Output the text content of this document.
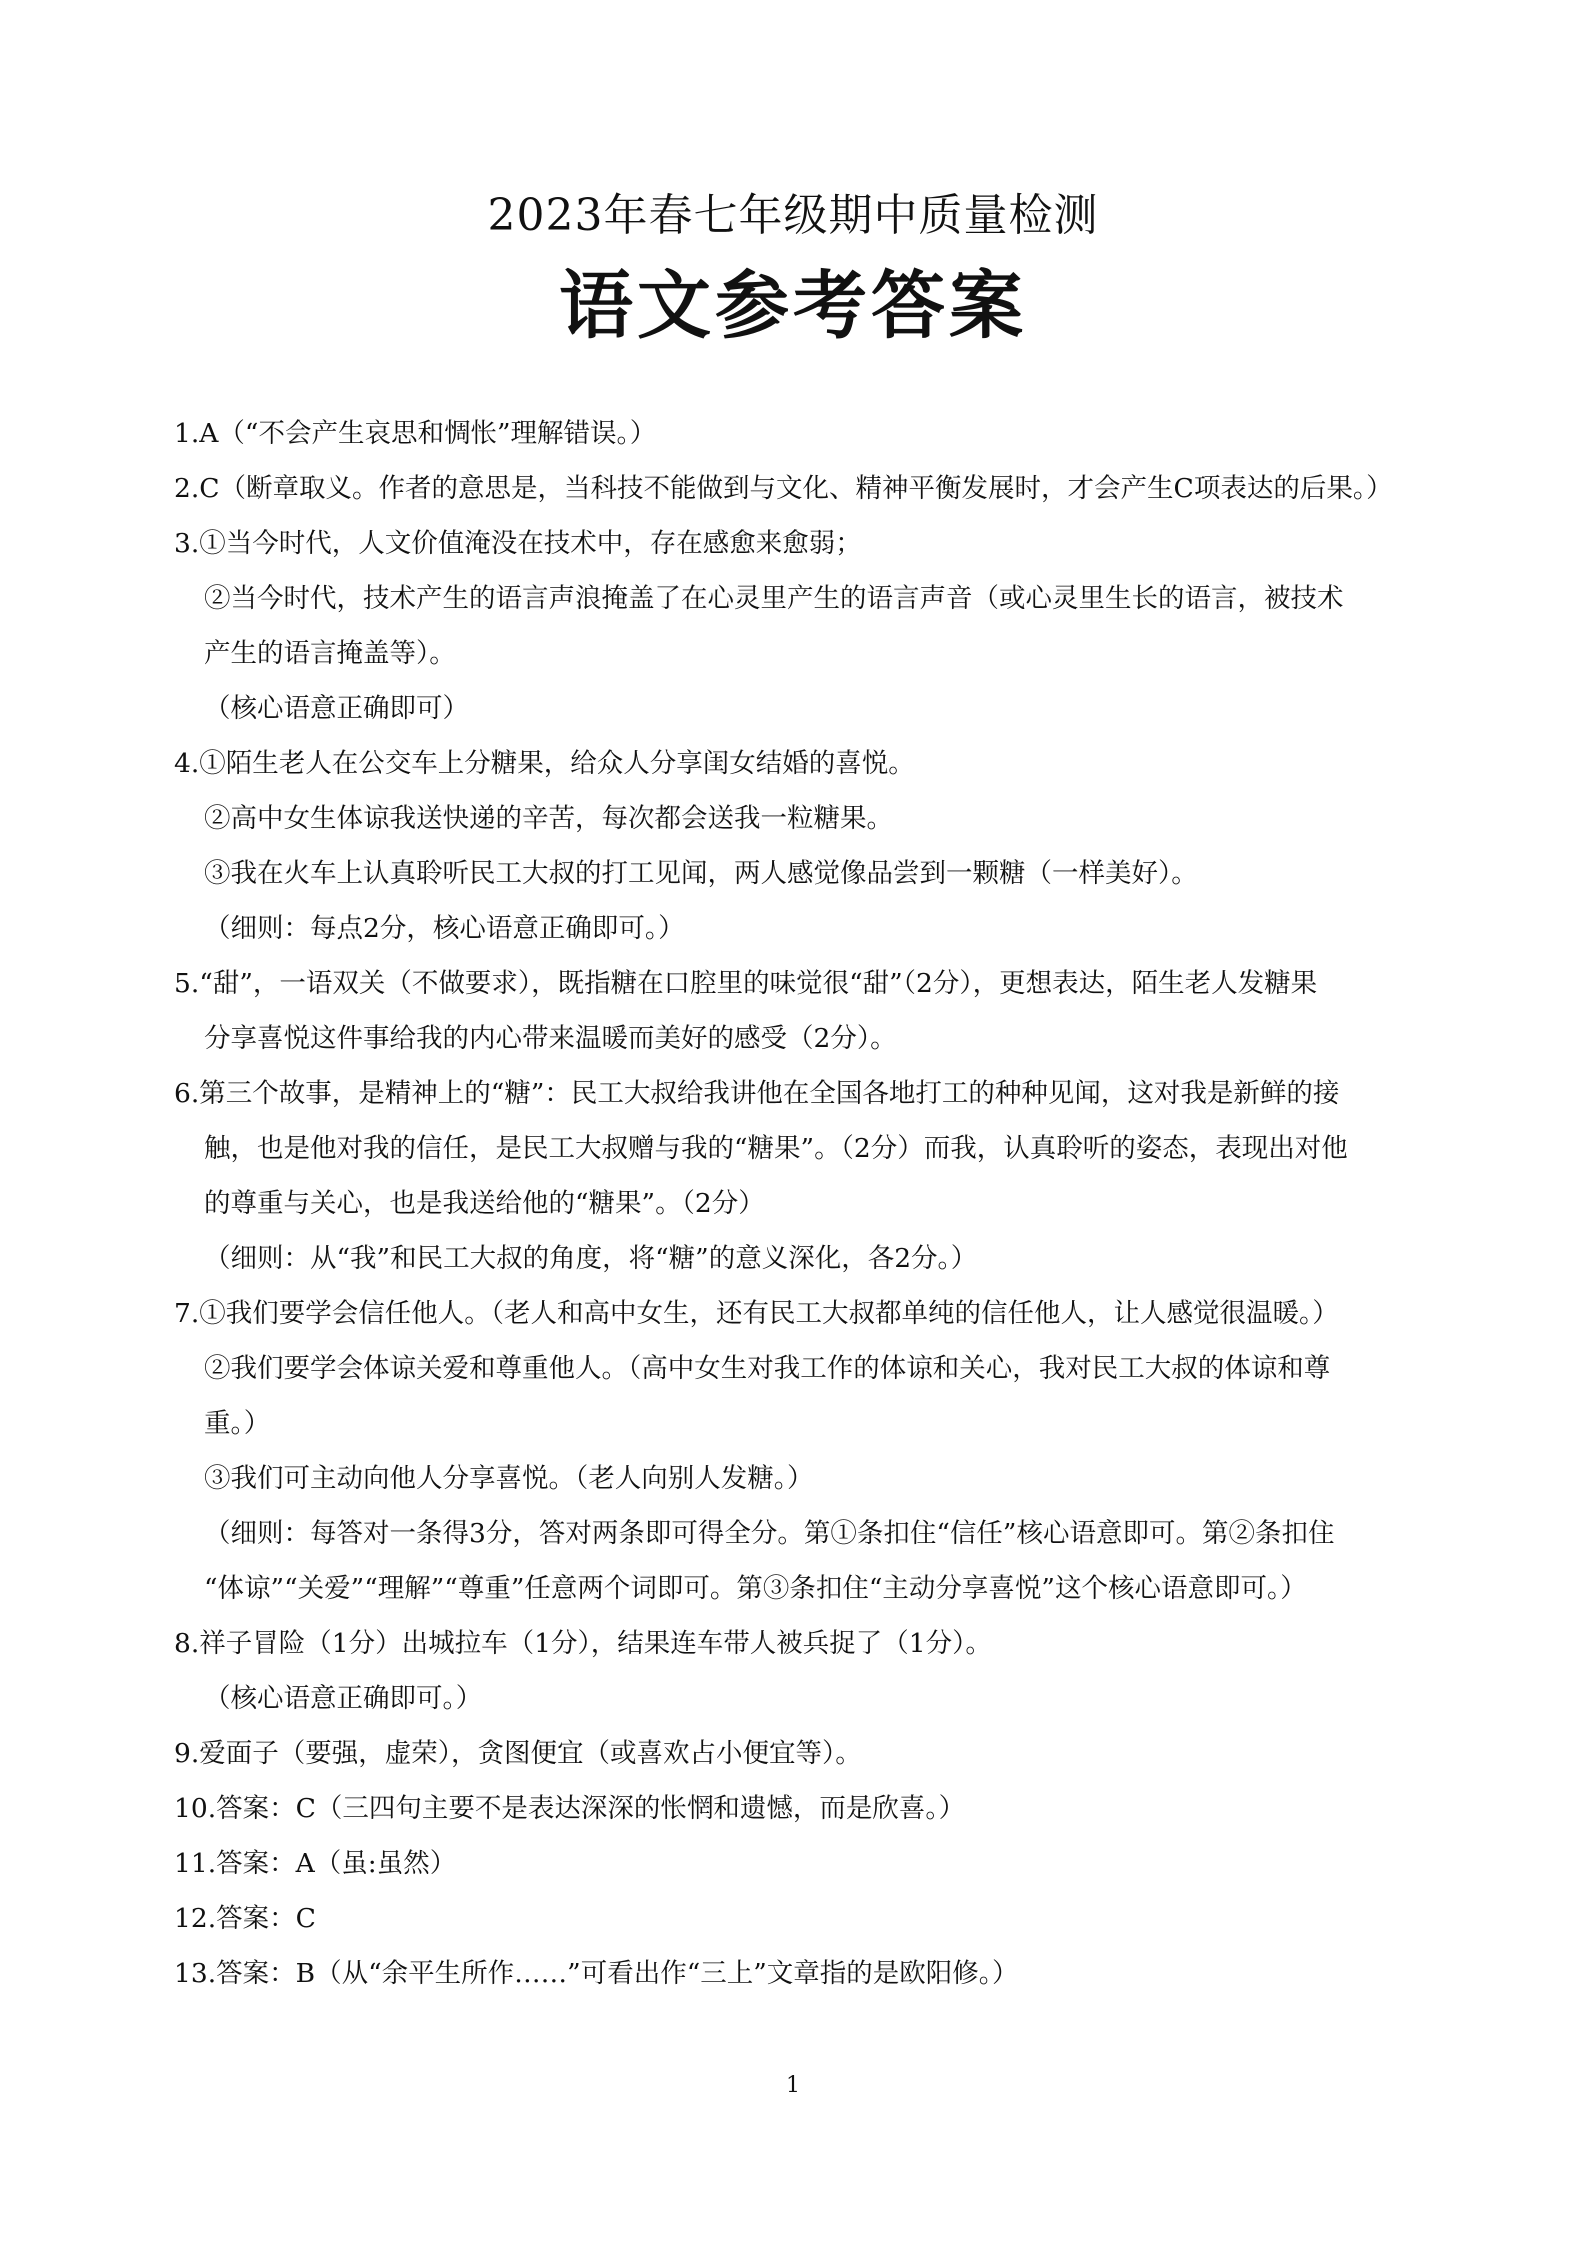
2023年春七年级期中质量检测
语文参考答案
1.A（“不会产生哀思和惆怅”理解错误。）
2.C（断章取义。作者的意思是，当科技不能做到与文化、精神平衡发展时，才会产生C项表达的后果。）
3.①当今时代，人文价值淹没在技术中，存在感愈来愈弱；
②当今时代，技术产生的语言声浪掩盖了在心灵里产生的语言声音（或心灵里生长的语言，被技术
产生的语言掩盖等）。
（核心语意正确即可）
4.①陌生老人在公交车上分糖果，给众人分享闺女结婚的喜悦。
②高中女生体谅我送快递的辛苦，每次都会送我一粒糖果。
③我在火车上认真聆听民工大叔的打工见闻，两人感觉像品尝到一颗糖（一样美好）。
（细则：每点2分，核心语意正确即可。）
5.“甜”，一语双关（不做要求），既指糖在口腔里的味觉很“甜”（2分），更想表达，陌生老人发糖果
分享喜悦这件事给我的内心带来温暖而美好的感受（2分）。
6.第三个故事，是精神上的“糖”：民工大叔给我讲他在全国各地打工的种种见闻，这对我是新鲜的接
触，也是他对我的信任，是民工大叔赠与我的“糖果”。（2分）而我，认真聆听的姿态，表现出对他
的尊重与关心，也是我送给他的“糖果”。（2分）
（细则：从“我”和民工大叔的角度，将“糖”的意义深化，各2分。）
7.①我们要学会信任他人。（老人和高中女生，还有民工大叔都单纯的信任他人，让人感觉很温暖。）
②我们要学会体谅关爱和尊重他人。（高中女生对我工作的体谅和关心，我对民工大叔的体谅和尊
重。）
③我们可主动向他人分享喜悦。（老人向别人发糖。）
（细则：每答对一条得3分，答对两条即可得全分。第①条扣住“信任”核心语意即可。第②条扣住
“体谅”“关爱”“理解”“尊重”任意两个词即可。第③条扣住“主动分享喜悦”这个核心语意即可。）
8.祥子冒险（1分）出城拉车（1分），结果连车带人被兵捉了（1分）。
（核心语意正确即可。）
9.爱面子（要强，虚荣），贪图便宜（或喜欢占小便宜等）。
10.答案：C（三四句主要不是表达深深的怅惘和遗憾，而是欣喜。）
11.答案：A（虽:虽然）
12.答案：C
13.答案：B（从“余平生所作……”可看出作“三上”文章指的是欧阳修。）
1
